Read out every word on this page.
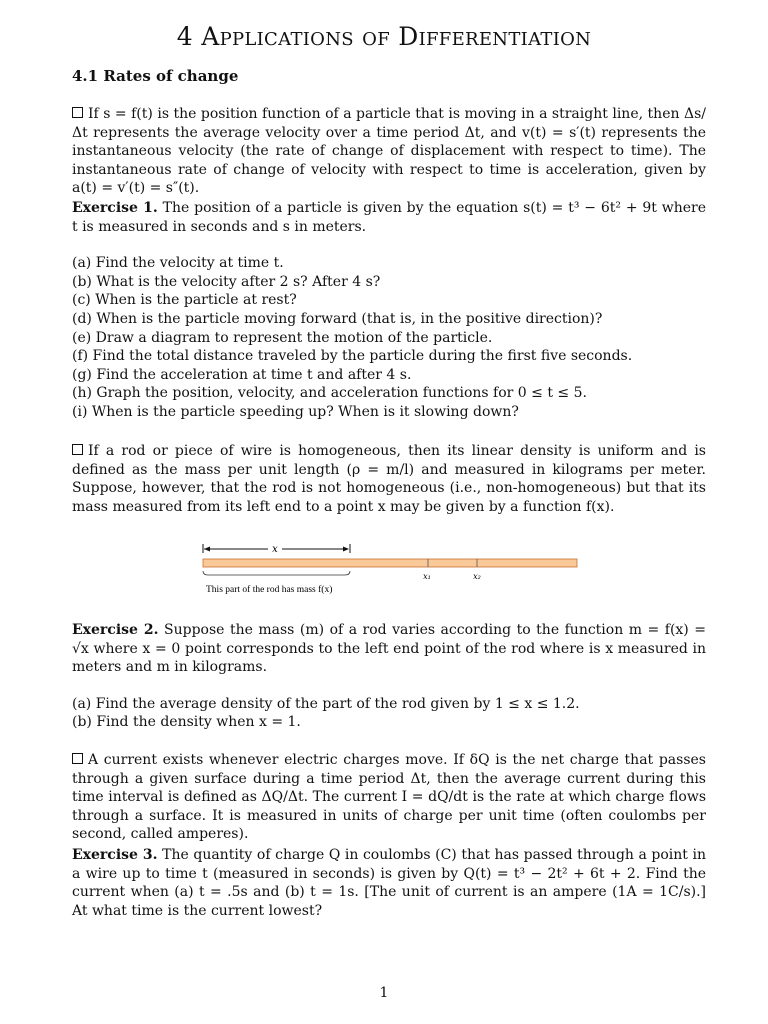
4 Applications of Differentiation
4.1 Rates of change

If s = f(t) is the position function of a particle that is moving in a straight line, then Δs/Δt represents the average velocity over a time period Δt, and v(t) = s′(t) represents the instantaneous velocity (the rate of change of displacement with respect to time). The instantaneous rate of change of velocity with respect to time is acceleration, given by a(t) = v′(t) = s″(t).

Exercise 1. The position of a particle is given by the equation s(t) = t³ − 6t² + 9t where t is measured in seconds and s in meters.

(a) Find the velocity at time t.
(b) What is the velocity after 2 s? After 4 s?
(c) When is the particle at rest?
(d) When is the particle moving forward (that is, in the positive direction)?
(e) Draw a diagram to represent the motion of the particle.
(f) Find the total distance traveled by the particle during the first five seconds.
(g) Find the acceleration at time t and after 4 s.
(h) Graph the position, velocity, and acceleration functions for 0 ≤ t ≤ 5.
(i) When is the particle speeding up? When is it slowing down?

If a rod or piece of wire is homogeneous, then its linear density is uniform and is defined as the mass per unit length (ρ = m/l) and measured in kilograms per meter. Suppose, however, that the rod is not homogeneous (i.e., non-homogeneous) but that its mass measured from its left end to a point x may be given by a function f(x).

x
x₁	x₂
This part of the rod has mass f(x)

Exercise 2. Suppose the mass (m) of a rod varies according to the function m = f(x) = √x where x = 0 point corresponds to the left end point of the rod where is x measured in meters and m in kilograms.

(a) Find the average density of the part of the rod given by 1 ≤ x ≤ 1.2.
(b) Find the density when x = 1.

A current exists whenever electric charges move. If δQ is the net charge that passes through a given surface during a time period Δt, then the average current during this time interval is defined as ΔQ/Δt. The current I = dQ/dt is the rate at which charge flows through a surface. It is measured in units of charge per unit time (often coulombs per second, called amperes).

Exercise 3. The quantity of charge Q in coulombs (C) that has passed through a point in a wire up to time t (measured in seconds) is given by Q(t) = t³ − 2t² + 6t + 2. Find the current when (a) t = .5s and (b) t = 1s. [The unit of current is an ampere (1A = 1C/s).] At what time is the current lowest?

1
